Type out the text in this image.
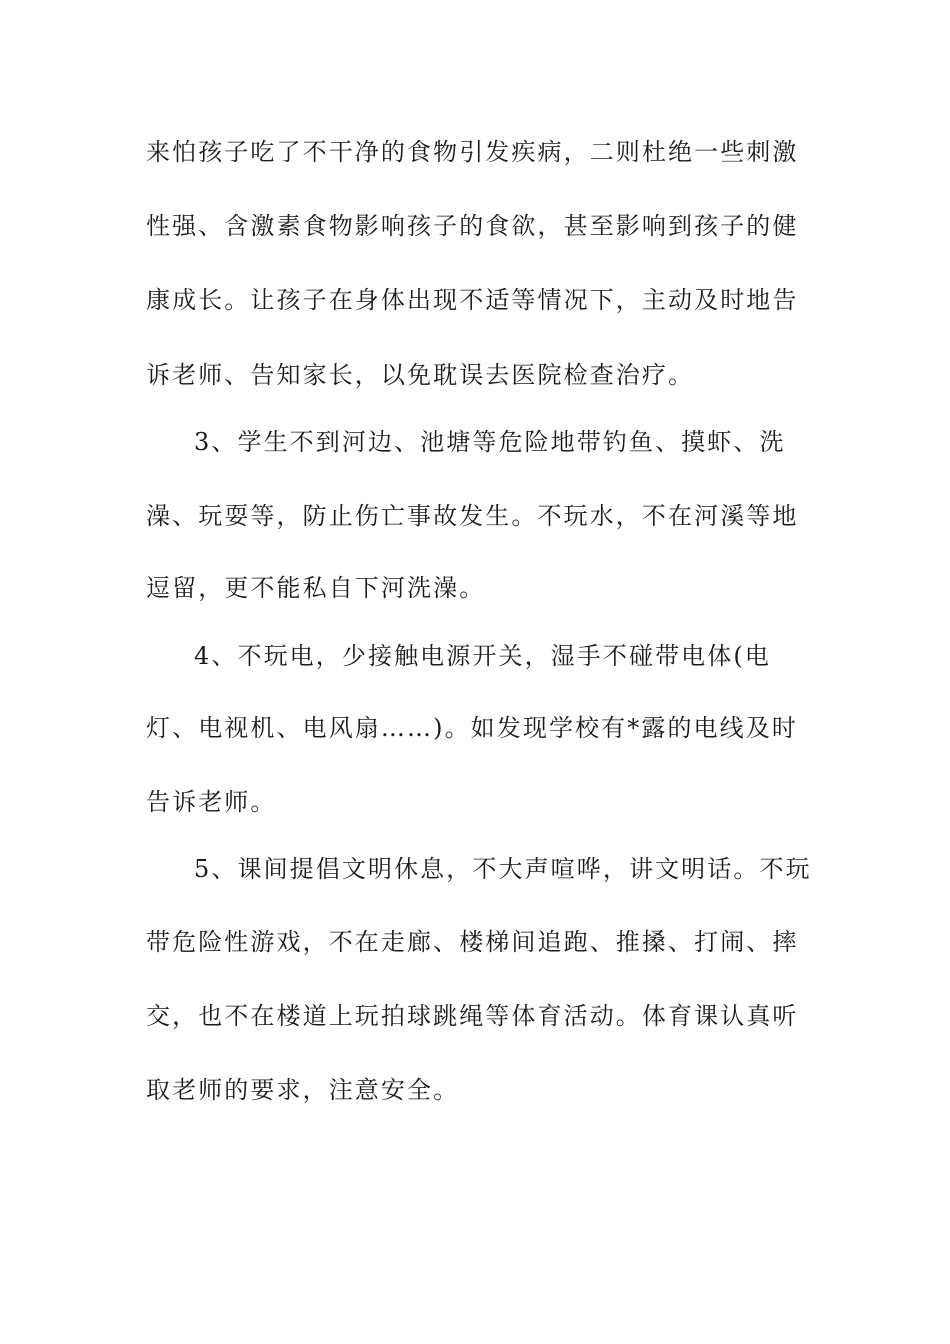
来怕孩子吃了不干净的食物引发疾病，二则杜绝一些刺激
性强、含激素食物影响孩子的食欲，甚至影响到孩子的健
康成长。让孩子在身体出现不适等情况下，主动及时地告
诉老师、告知家长，以免耽误去医院检查治疗。
3、学生不到河边、池塘等危险地带钓鱼、摸虾、洗
澡、玩耍等，防止伤亡事故发生。不玩水，不在河溪等地
逗留，更不能私自下河洗澡。
4、不玩电，少接触电源开关，湿手不碰带电体(电
灯、电视机、电风扇……)。如发现学校有*露的电线及时
告诉老师。
5、课间提倡文明休息，不大声喧哗，讲文明话。不玩
带危险性游戏，不在走廊、楼梯间追跑、推搡、打闹、摔
交，也不在楼道上玩拍球跳绳等体育活动。体育课认真听
取老师的要求，注意安全。
